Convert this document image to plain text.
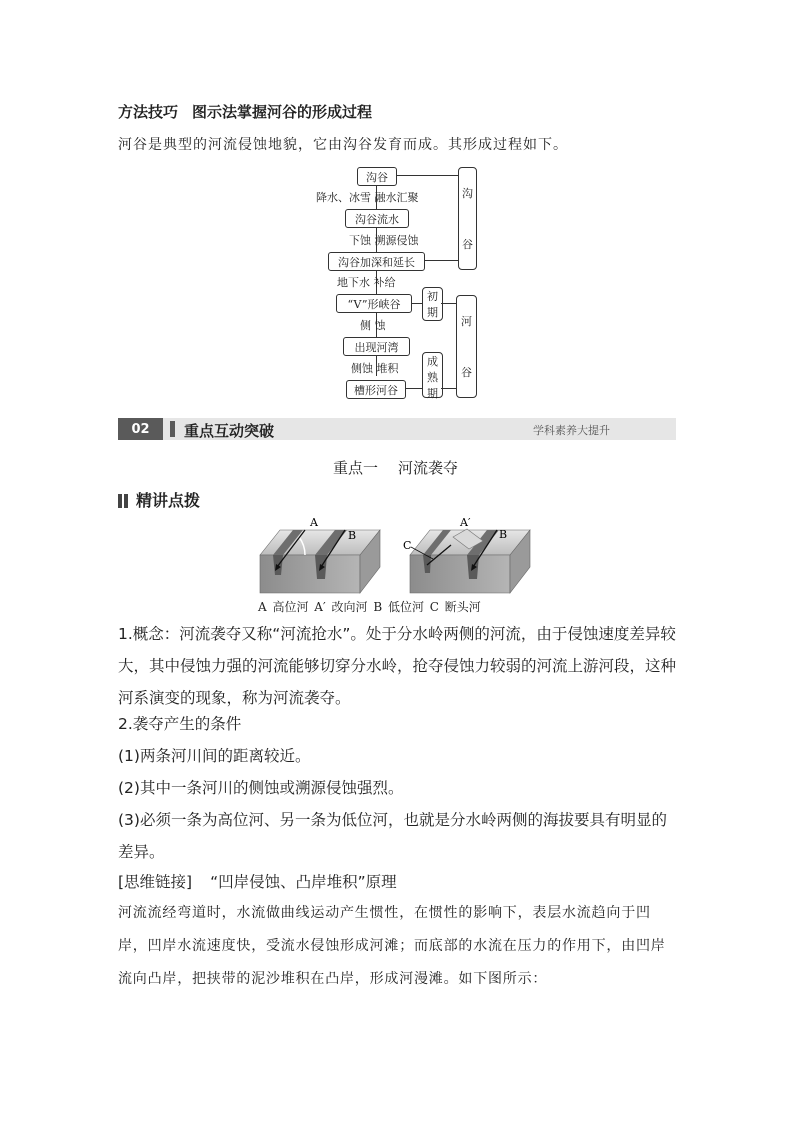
方法技巧 图示法掌握河谷的形成过程
河谷是典型的河流侵蚀地貌，它由沟谷发育而成。其形成过程如下。
沟谷
降水、冰雪 融水汇聚
沟谷流水
下蚀 溯源侵蚀
沟谷加深和延长
地下水 补给
“V”形峡谷
侧 蚀
出现河湾
侧蚀 堆积
槽形河谷
沟
谷
初
期
成
熟
期
河
谷
02	重点互动突破	学科素养大提升
重点一 河流袭夺
精讲点拨
A
B
A′
B
C
A 高位河 A′ 改向河 B 低位河 C 断头河
1.概念：河流袭夺又称“河流抢水”。处于分水岭两侧的河流，由于侵蚀速度差异较大，其中侵蚀力强的河流能够切穿分水岭，抢夺侵蚀力较弱的河流上游河段，这种河系演变的现象，称为河流袭夺。
2.袭夺产生的条件
(1)两条河川间的距离较近。
(2)其中一条河川的侧蚀或溯源侵蚀强烈。
(3)必须一条为高位河、另一条为低位河，也就是分水岭两侧的海拔要具有明显的差异。
[思维链接] “凹岸侵蚀、凸岸堆积”原理
河流流经弯道时，水流做曲线运动产生惯性，在惯性的影响下，表层水流趋向于凹岸，凹岸水流速度快，受流水侵蚀形成河滩；而底部的水流在压力的作用下，由凹岸流向凸岸，把挟带的泥沙堆积在凸岸，形成河漫滩。如下图所示：
